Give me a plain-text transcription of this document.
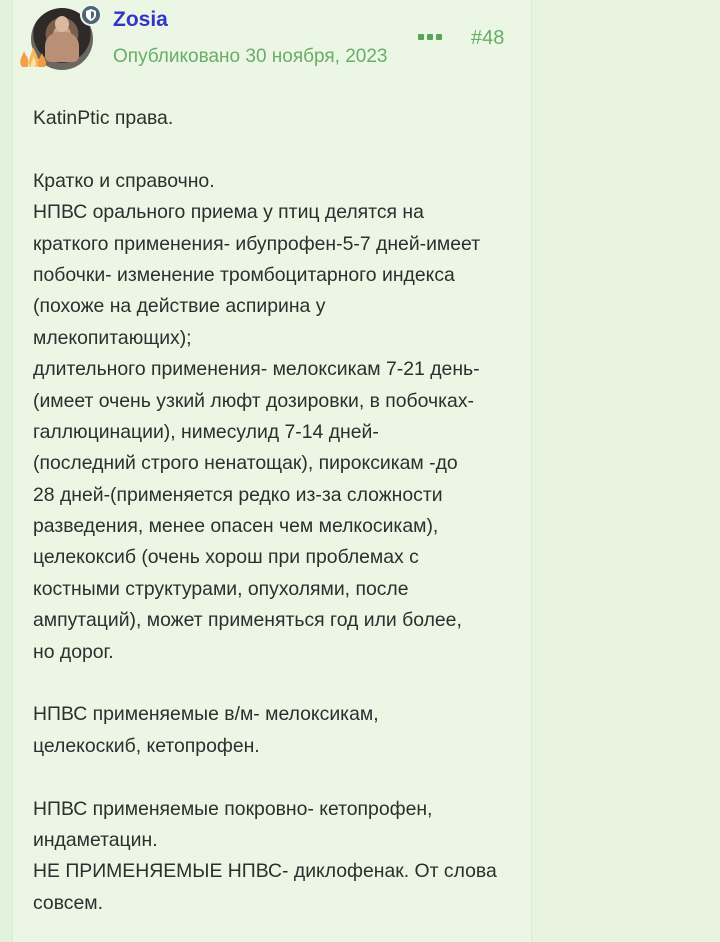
Zosia
Опубликовано 30 ноября, 2023
#48
KatinPtic права.
Кратко и справочно.
НПВС орального приема у птиц делятся на
краткого применения- ибупрофен-5-7 дней-имеет
побочки- изменение тромбоцитарного индекса
(похоже на действие аспирина у
млекопитающих);
длительного применения- мелоксикам 7-21 день-
(имеет очень узкий люфт дозировки, в побочках-
галлюцинации), нимесулид 7-14 дней-
(последний строго ненатощак), пироксикам -до
28 дней-(применяется редко из-за сложности
разведения, менее опасен чем мелкосикам),
целекоксиб (очень хорош при проблемах с
костными структурами, опухолями, после
ампутаций), может применяться год или более,
но дорог.
НПВС применяемые в/м- мелоксикам,
целекоскиб, кетопрофен.
НПВС применяемые покровно- кетопрофен,
индаметацин.
НЕ ПРИМЕНЯЕМЫЕ НПВС- диклофенак. От слова
совсем.
